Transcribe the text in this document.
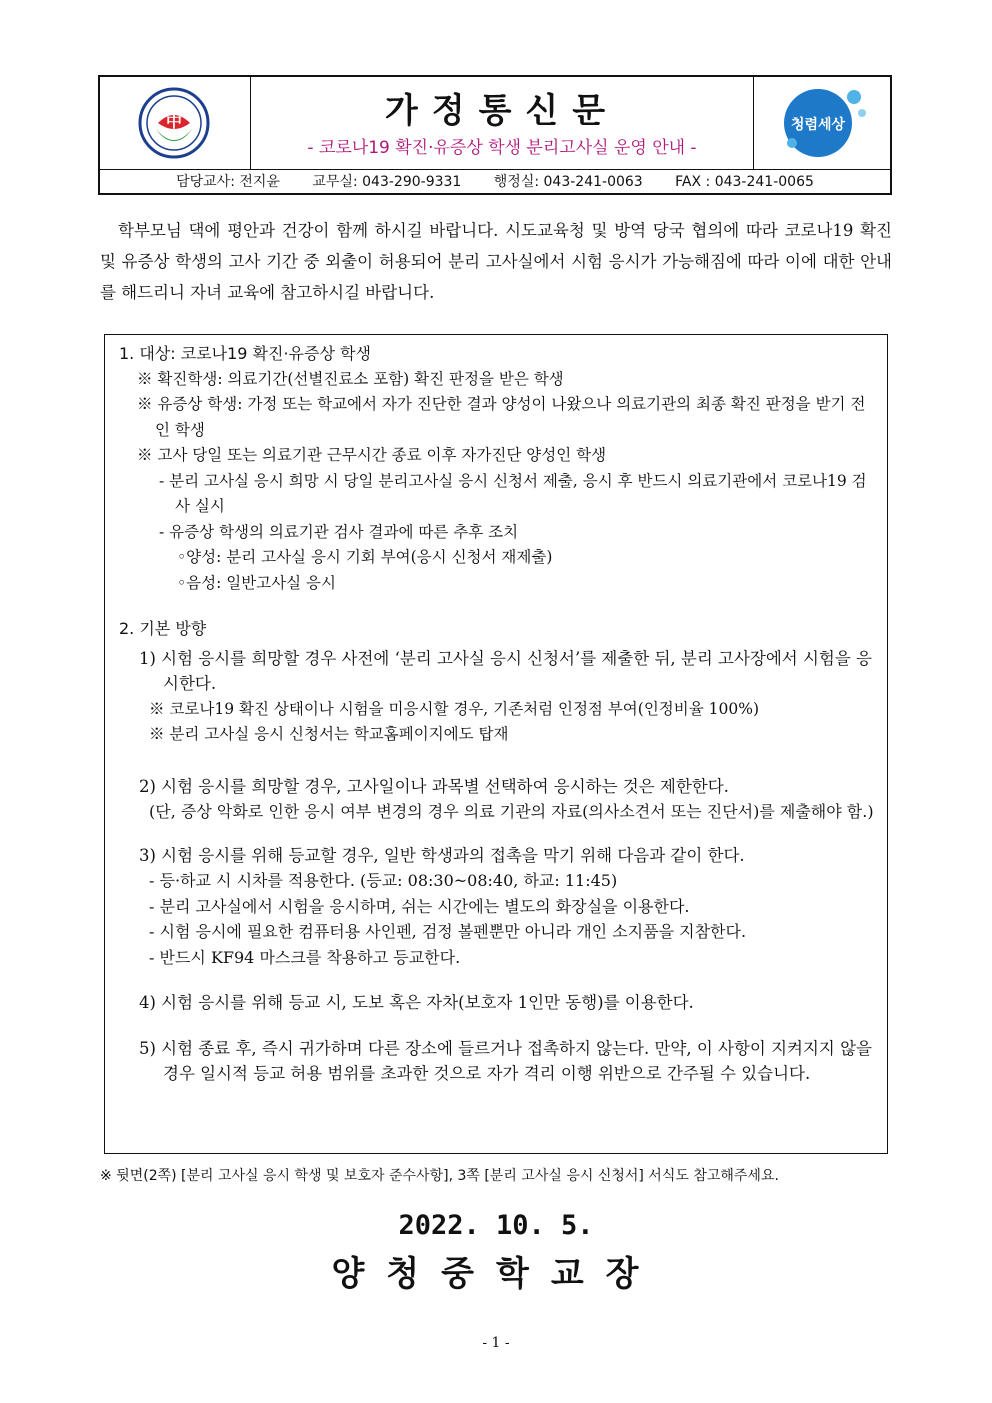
中	가정통신문
- 코로나19 확진·유증상 학생 분리고사실 운영 안내 -
청렴세상
담당교사: 전지윤 교무실: 043-290-9331 행정실: 043-241-0063 FAX : 043-241-0065
학부모님 댁에 평안과 건강이 함께 하시길 바랍니다. 시도교육청 및 방역 당국 협의에 따라 코로나19 확진 및 유증상 학생의 고사 기간 중 외출이 허용되어 분리 고사실에서 시험 응시가 가능해짐에 따라 이에 대한 안내를 해드리니 자녀 교육에 참고하시길 바랍니다.
1. 대상: 코로나19 확진·유증상 학생
※ 확진학생: 의료기간(선별진료소 포함) 확진 판정을 받은 학생
※ 유증상 학생: 가정 또는 학교에서 자가 진단한 결과 양성이 나왔으나 의료기관의 최종 확진 판정을 받기 전인 학생
※ 고사 당일 또는 의료기관 근무시간 종료 이후 자가진단 양성인 학생
- 분리 고사실 응시 희망 시 당일 분리고사실 응시 신청서 제출, 응시 후 반드시 의료기관에서 코로나19 검사 실시
- 유증상 학생의 의료기관 검사 결과에 따른 추후 조치
◦양성: 분리 고사실 응시 기회 부여(응시 신청서 재제출)
◦음성: 일반고사실 응시
2. 기본 방향
1) 시험 응시를 희망할 경우 사전에 ‘분리 고사실 응시 신청서’를 제출한 뒤, 분리 고사장에서 시험을 응시한다.
※ 코로나19 확진 상태이나 시험을 미응시할 경우, 기존처럼 인정점 부여(인정비율 100%)
※ 분리 고사실 응시 신청서는 학교홈페이지에도 탑재
2) 시험 응시를 희망할 경우, 고사일이나 과목별 선택하여 응시하는 것은 제한한다.
(단, 증상 악화로 인한 응시 여부 변경의 경우 의료 기관의 자료(의사소견서 또는 진단서)를 제출해야 함.)
3) 시험 응시를 위해 등교할 경우, 일반 학생과의 접촉을 막기 위해 다음과 같이 한다.
- 등·하교 시 시차를 적용한다. (등교: 08:30~08:40, 하교: 11:45)
- 분리 고사실에서 시험을 응시하며, 쉬는 시간에는 별도의 화장실을 이용한다.
- 시험 응시에 필요한 컴퓨터용 사인펜, 검정 볼펜뿐만 아니라 개인 소지품을 지참한다.
- 반드시 KF94 마스크를 착용하고 등교한다.
4) 시험 응시를 위해 등교 시, 도보 혹은 자차(보호자 1인만 동행)를 이용한다.
5) 시험 종료 후, 즉시 귀가하며 다른 장소에 들르거나 접촉하지 않는다. 만약, 이 사항이 지켜지지 않을 경우 일시적 등교 허용 범위를 초과한 것으로 자가 격리 이행 위반으로 간주될 수 있습니다.
※ 뒷면(2쪽) [분리 고사실 응시 학생 및 보호자 준수사항], 3쪽 [분리 고사실 응시 신청서] 서식도 참고해주세요.
2022. 10. 5.
양청중학교장
- 1 -
